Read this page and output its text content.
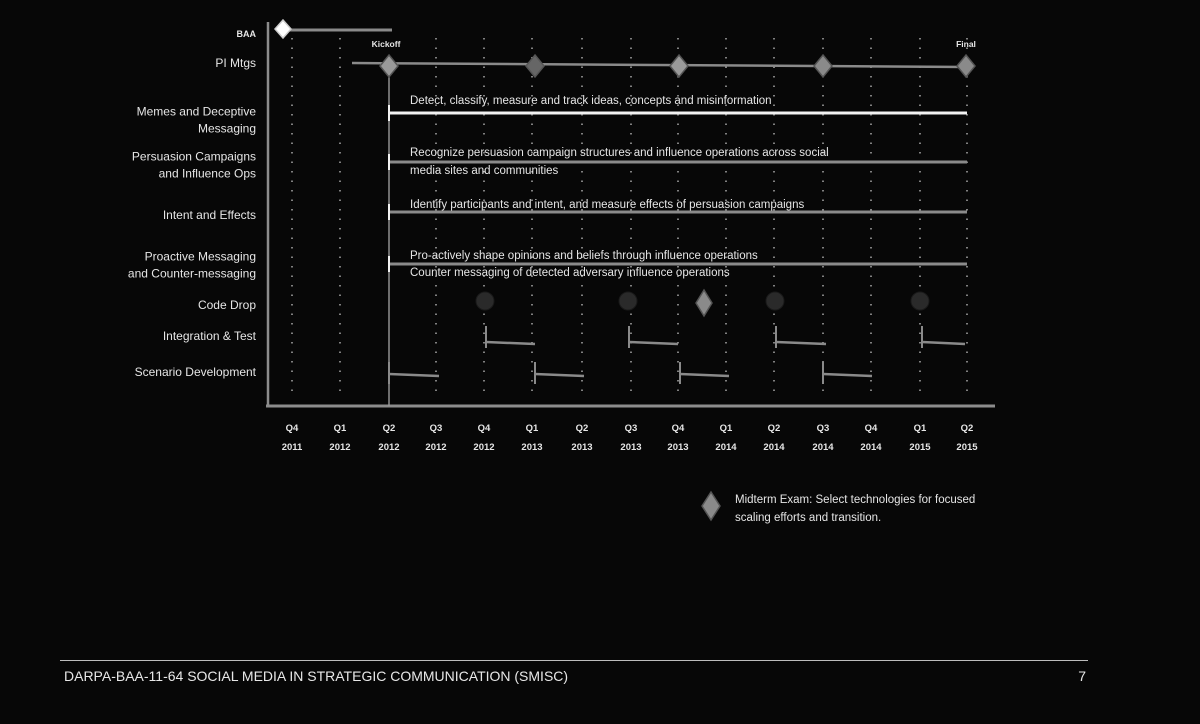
BAA
PI Mtgs
Memes and Deceptive
Messaging
Persuasion Campaigns
and Influence Ops
Intent and Effects
Proactive Messaging
and Counter-messaging
Code Drop
Integration & Test
Scenario Development
Detect, classify, measure and track ideas, concepts and misinformation
Recognize persuasion campaign structures and influence operations across social
media sites and communities
Identify participants and intent, and measure effects of persuasion campaigns
Pro-actively shape opinions and beliefs through influence operations
Counter messaging of detected adversary influence operations
Kickoff	Final
Q4
2011
Q1
2012
Q2
2012
Q3
2012
Q4
2012
Q1
2013
Q2
2013
Q3
2013
Q4
2013
Q1
2014
Q2
2014
Q3
2014
Q4
2014
Q1
2015
Q2
2015
Midterm Exam: Select technologies for focused
scaling efforts and transition.
DARPA-BAA-11-64 SOCIAL MEDIA IN STRATEGIC COMMUNICATION (SMISC)	7
